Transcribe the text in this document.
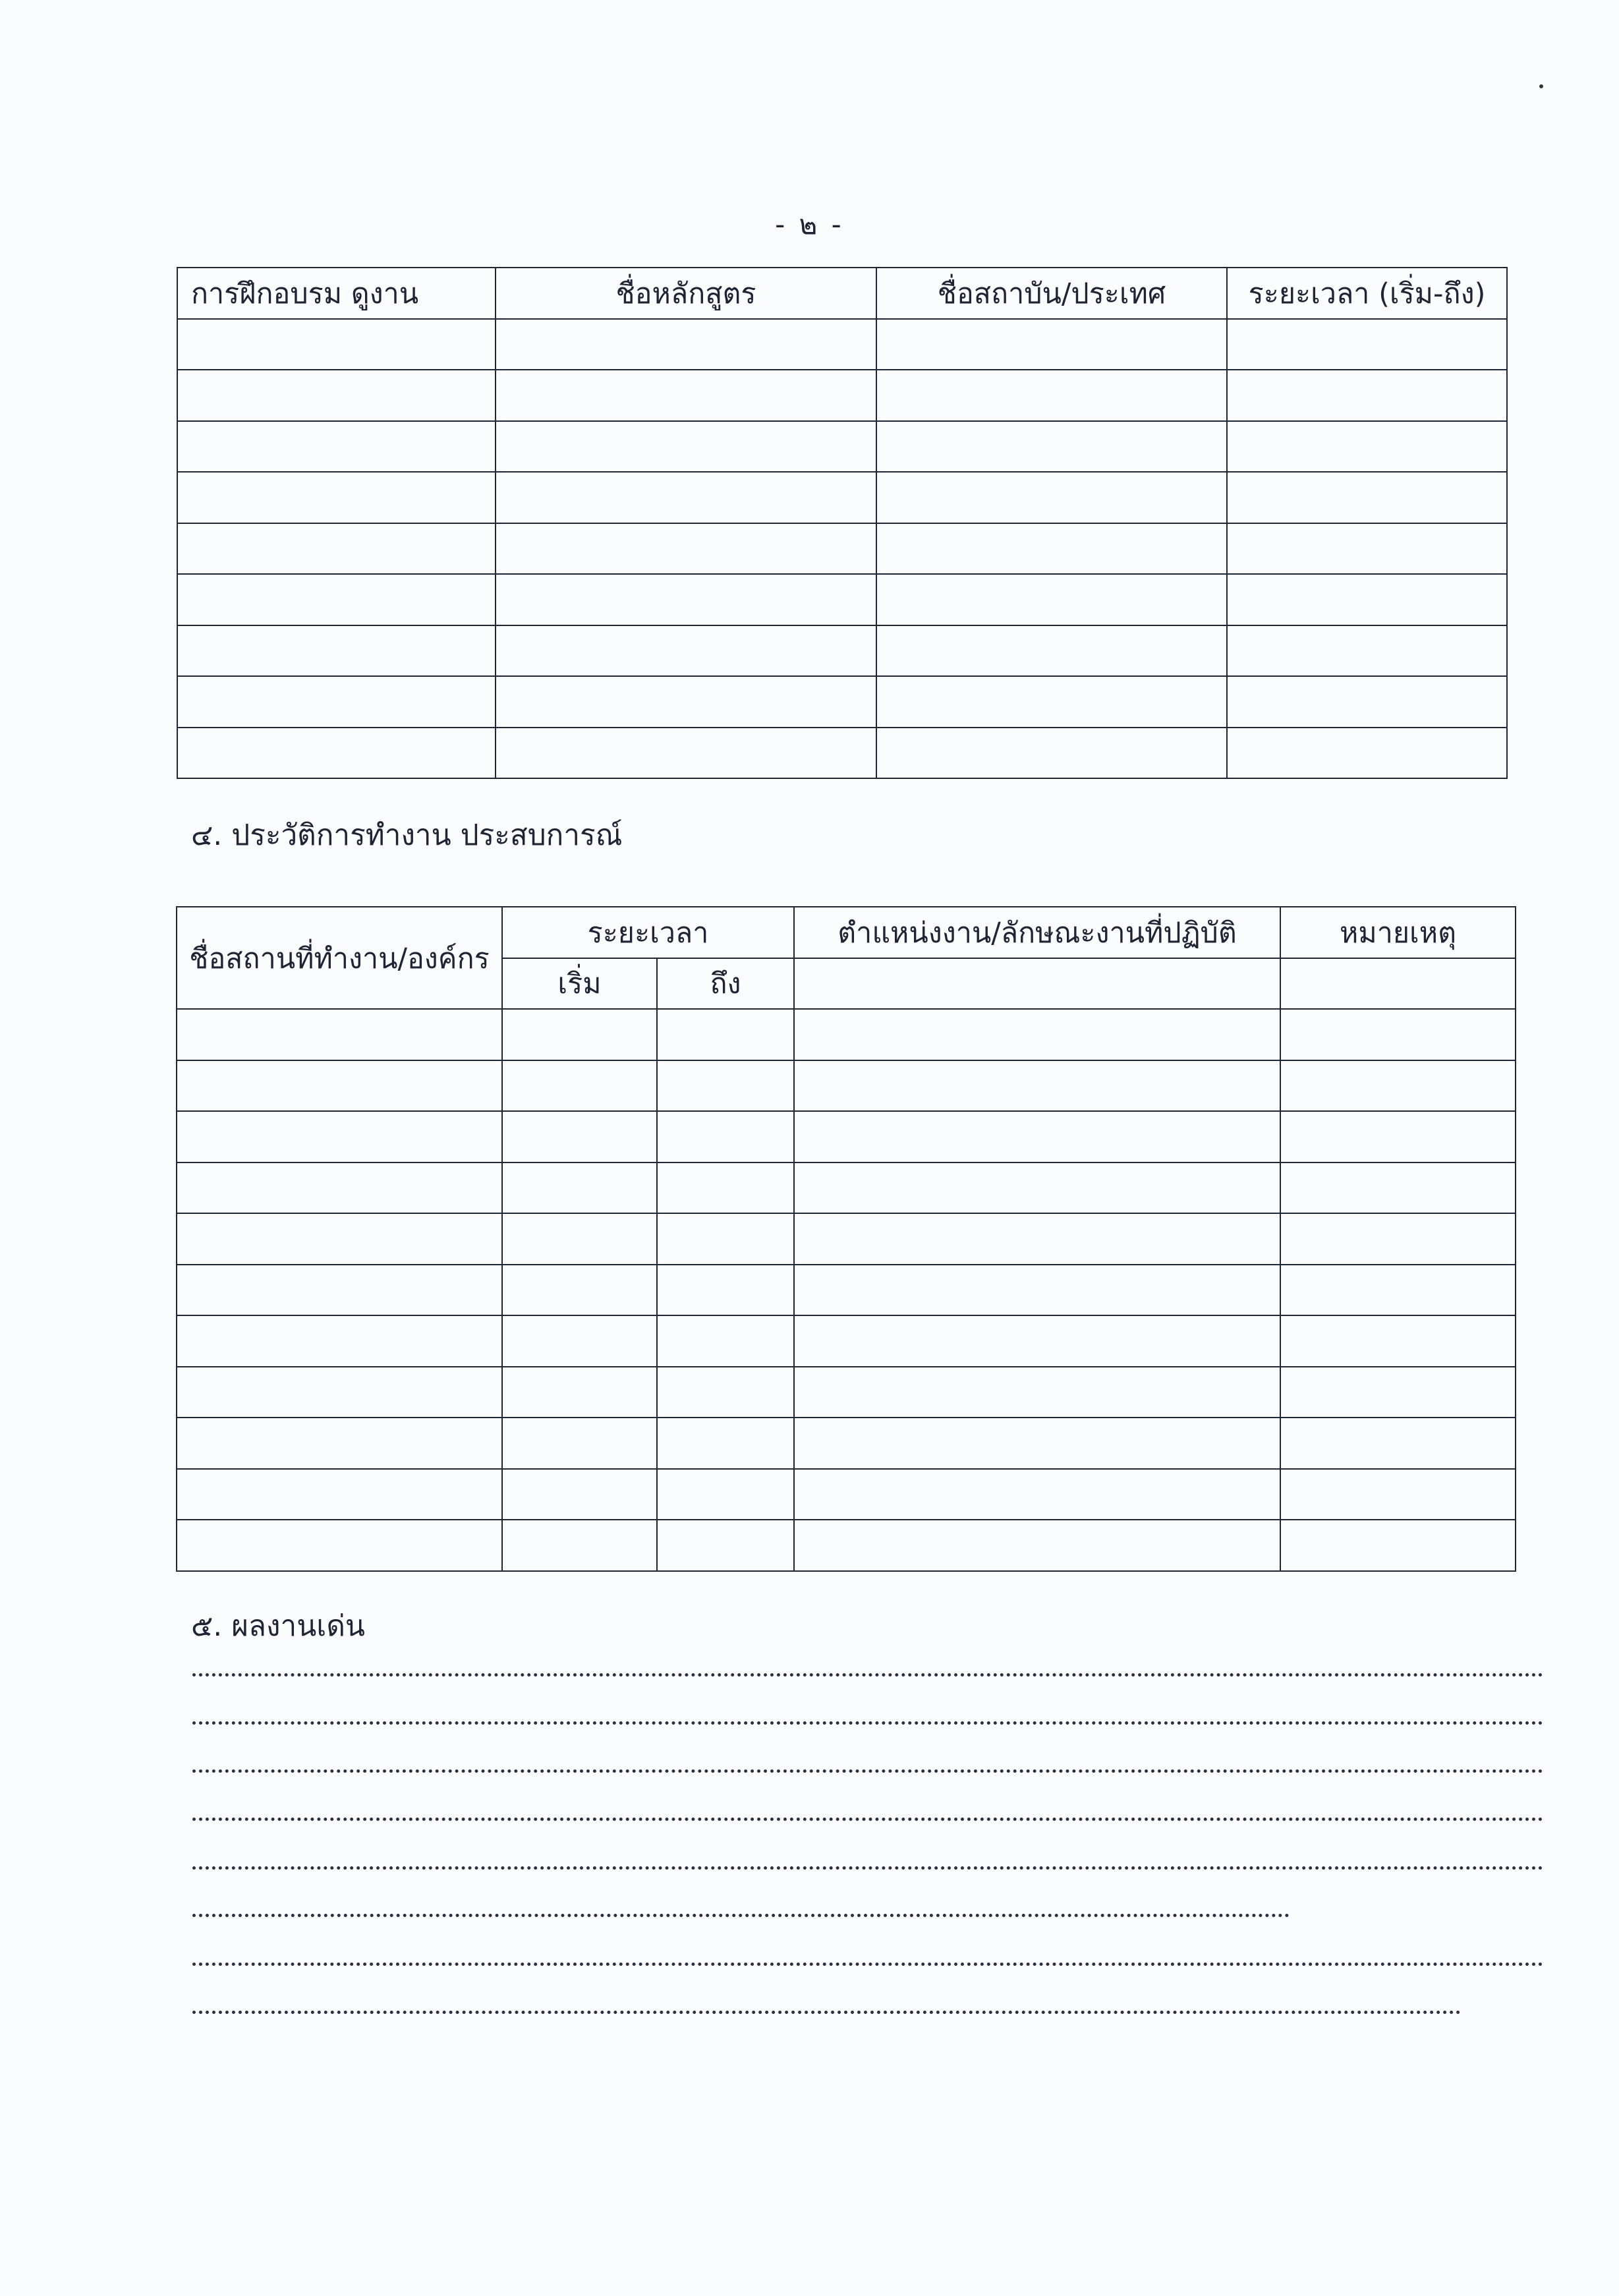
- ๒ -
การฝึกอบรม ดูงาน	ชื่อหลักสูตร	ชื่อสถาบัน/ประเทศ	ระยะเวลา (เริ่ม-ถึง)

๔. ประวัติการทำงาน ประสบการณ์
ชื่อสถานที่ทำงาน/องค์กร	ระยะเวลา		ตำแหน่งงาน/ลักษณะงานที่ปฏิบัติ	หมายเหตุ
	เริ่ม	ถึง		

๕. ผลงานเด่น
